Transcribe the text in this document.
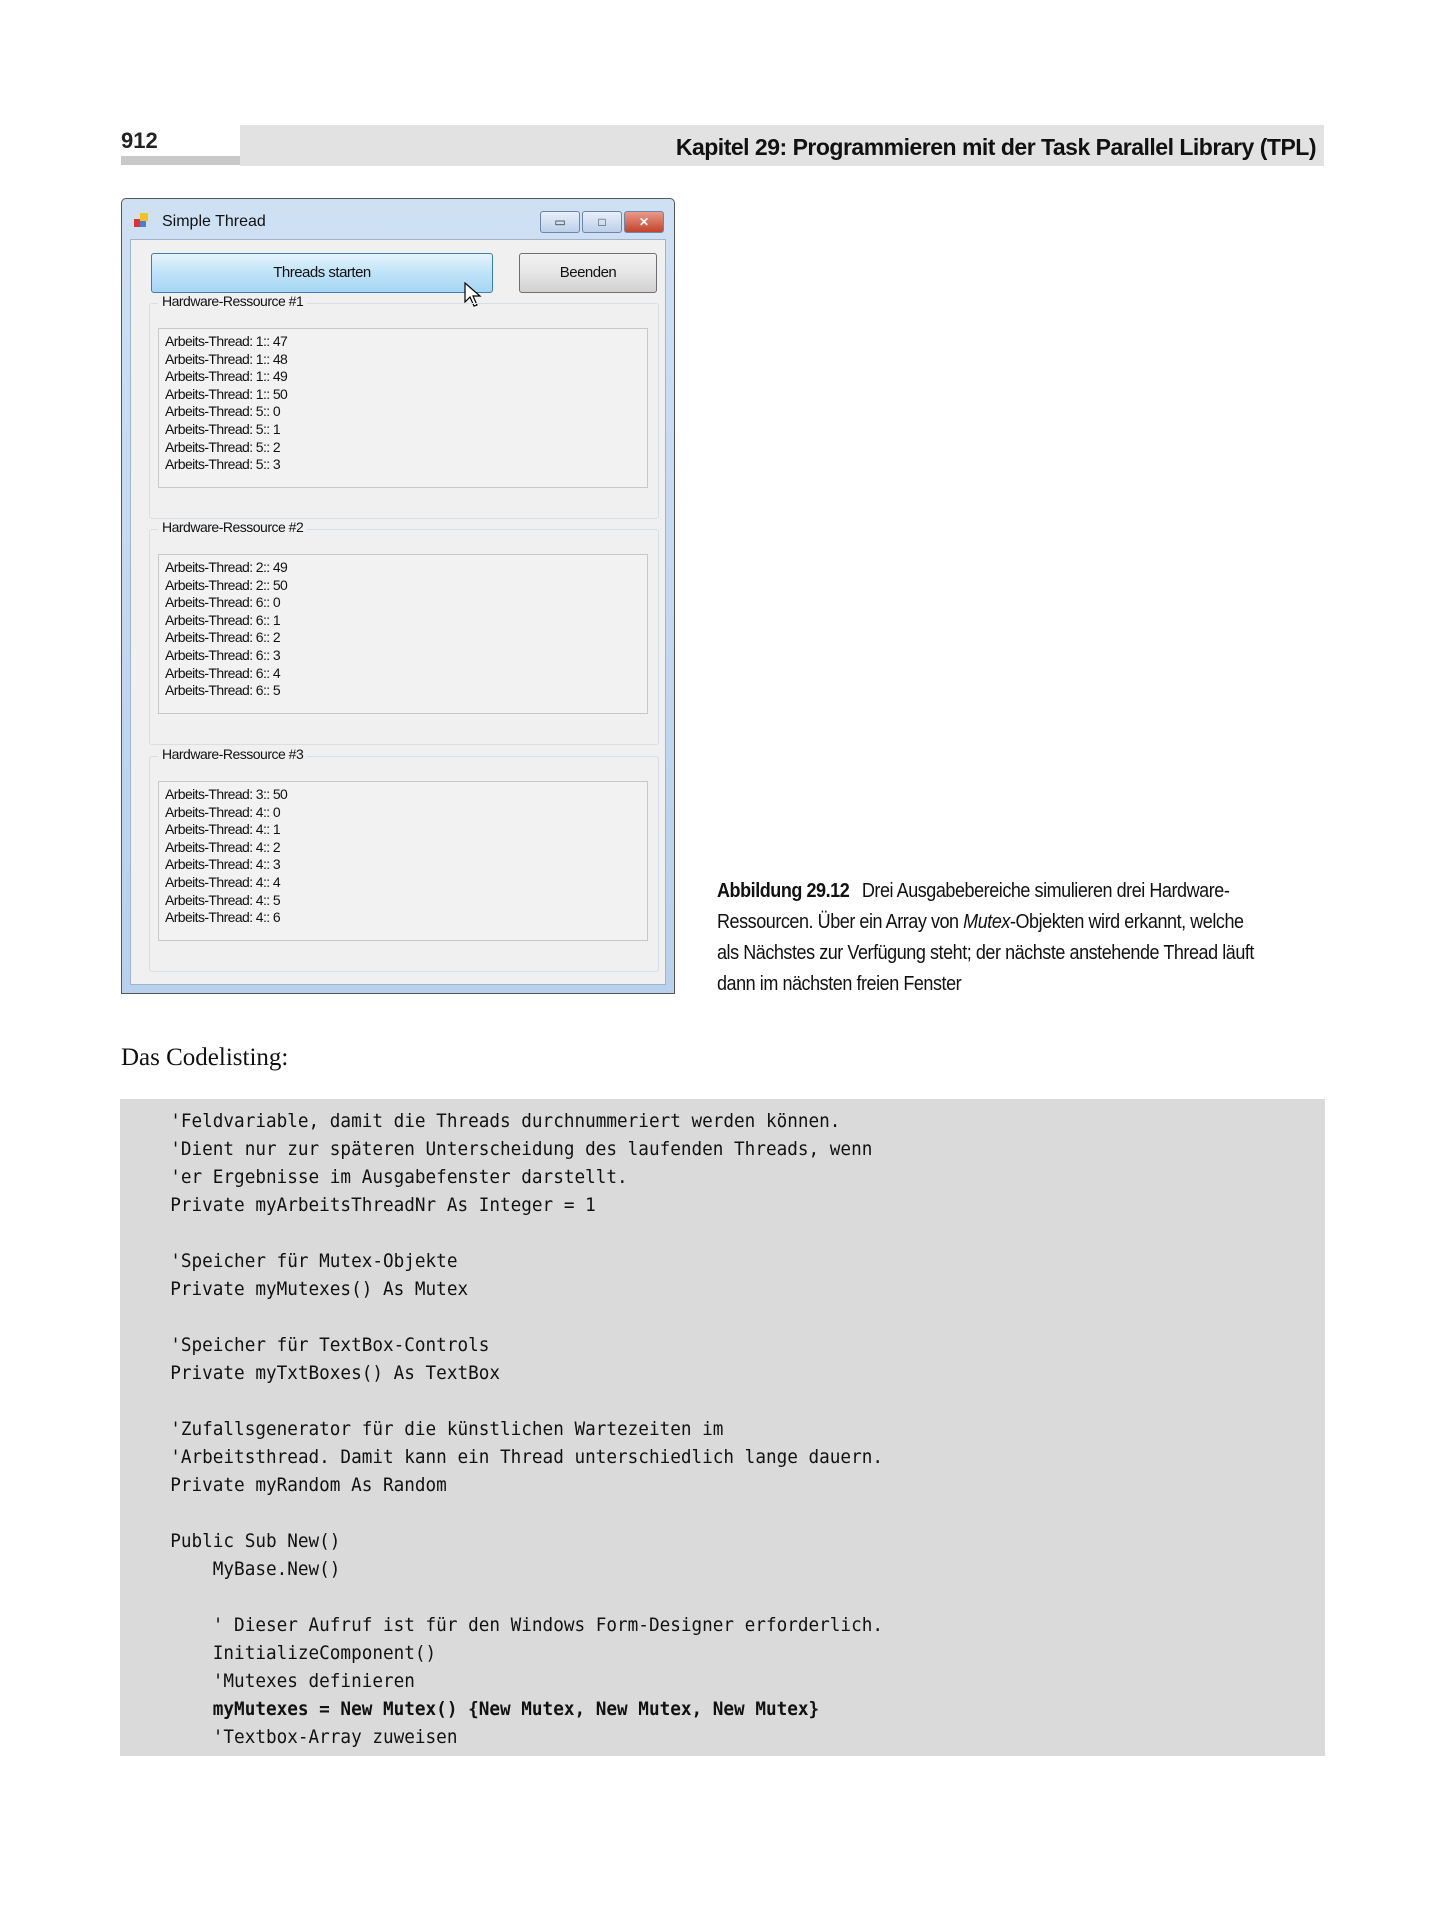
912	Kapitel 29: Programmieren mit der Task Parallel Library (TPL)
Simple Thread	▭	□	✕
Threads starten	Beenden
Hardware-Ressource #1
Arbeits-Thread: 1:: 47
Arbeits-Thread: 1:: 48
Arbeits-Thread: 1:: 49
Arbeits-Thread: 1:: 50
Arbeits-Thread: 5:: 0
Arbeits-Thread: 5:: 1
Arbeits-Thread: 5:: 2
Arbeits-Thread: 5:: 3
Hardware-Ressource #2
Arbeits-Thread: 2:: 49
Arbeits-Thread: 2:: 50
Arbeits-Thread: 6:: 0
Arbeits-Thread: 6:: 1
Arbeits-Thread: 6:: 2
Arbeits-Thread: 6:: 3
Arbeits-Thread: 6:: 4
Arbeits-Thread: 6:: 5
Hardware-Ressource #3
Arbeits-Thread: 3:: 50
Arbeits-Thread: 4:: 0
Arbeits-Thread: 4:: 1
Arbeits-Thread: 4:: 2
Arbeits-Thread: 4:: 3
Arbeits-Thread: 4:: 4
Arbeits-Thread: 4:: 5
Arbeits-Thread: 4:: 6
Abbildung 29.12 Drei Ausgabebereiche simulieren drei Hardware-Ressourcen. Über ein Array von Mutex-Objekten wird erkannt, welche als Nächstes zur Verfügung steht; der nächste anstehende Thread läuft dann im nächsten freien Fenster
Das Codelisting:
'Feldvariable, damit die Threads durchnummeriert werden können.
'Dient nur zur späteren Unterscheidung des laufenden Threads, wenn
'er Ergebnisse im Ausgabefenster darstellt.
Private myArbeitsThreadNr As Integer = 1
'Speicher für Mutex-Objekte
Private myMutexes() As Mutex
'Speicher für TextBox-Controls
Private myTxtBoxes() As TextBox
'Zufallsgenerator für die künstlichen Wartezeiten im
'Arbeitsthread. Damit kann ein Thread unterschiedlich lange dauern.
Private myRandom As Random
Public Sub New()
MyBase.New()
' Dieser Aufruf ist für den Windows Form-Designer erforderlich.
InitializeComponent()
'Mutexes definieren
myMutexes = New Mutex() {New Mutex, New Mutex, New Mutex}
'Textbox-Array zuweisen
